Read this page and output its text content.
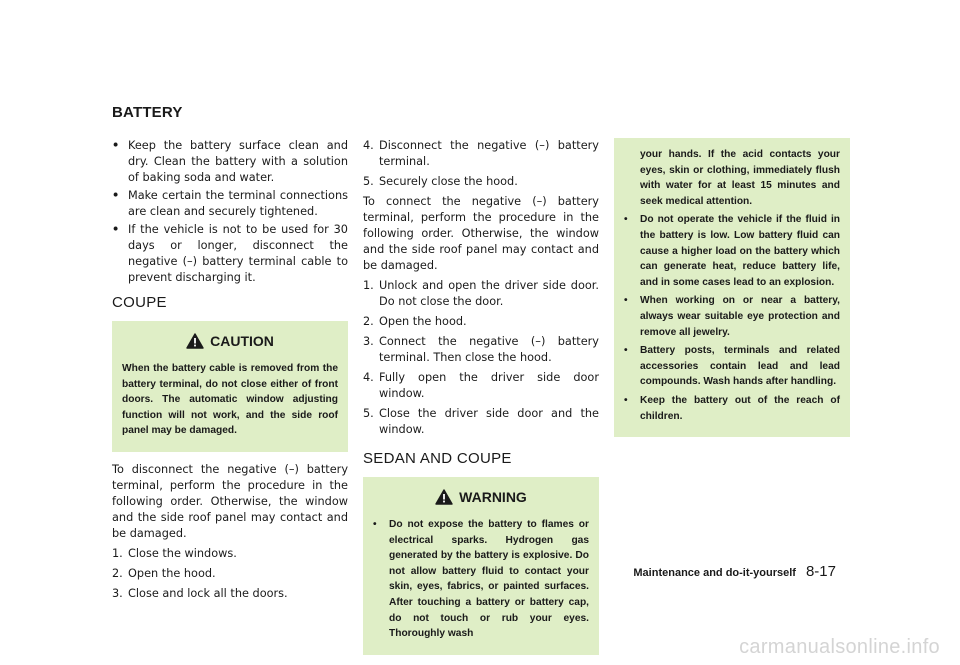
BATTERY
• Keep the battery surface clean and dry. Clean the battery with a solution of baking soda and water.
• Make certain the terminal connections are clean and securely tightened.
• If the vehicle is not to be used for 30 days or longer, disconnect the negative (–) battery terminal cable to prevent discharging it.
COUPE
CAUTION

When the battery cable is removed from the battery terminal, do not close either of front doors. The automatic window adjusting function will not work, and the side roof panel may be damaged.

To disconnect the negative (–) battery terminal, perform the procedure in the following order. Otherwise, the window and the side roof panel may contact and be damaged.

1. Close the windows.
2. Open the hood.
3. Close and lock all the doors.
4. Disconnect the negative (–) battery terminal.
5. Securely close the hood.

To connect the negative (–) battery terminal, perform the procedure in the following order. Otherwise, the window and the side roof panel may contact and be damaged.

1. Unlock and open the driver side door. Do not close the door.
2. Open the hood.
3. Connect the negative (–) battery terminal. Then close the hood.
4. Fully open the driver side door window.
5. Close the driver side door and the window.
SEDAN AND COUPE
WARNING
• Do not expose the battery to flames or electrical sparks. Hydrogen gas generated by the battery is explosive. Do not allow battery fluid to contact your skin, eyes, fabrics, or painted surfaces. After touching a battery or battery cap, do not touch or rub your eyes. Thoroughly wash

your hands. If the acid contacts your eyes, skin or clothing, immediately flush with water for at least 15 minutes and seek medical attention.

• Do not operate the vehicle if the fluid in the battery is low. Low battery fluid can cause a higher load on the battery which can generate heat, reduce battery life, and in some cases lead to an explosion.
• When working on or near a battery, always wear suitable eye protection and remove all jewelry.
• Battery posts, terminals and related accessories contain lead and lead compounds. Wash hands after handling.
• Keep the battery out of the reach of children.
Maintenance and do-it-yourself 8-17
carmanualsonline.info
